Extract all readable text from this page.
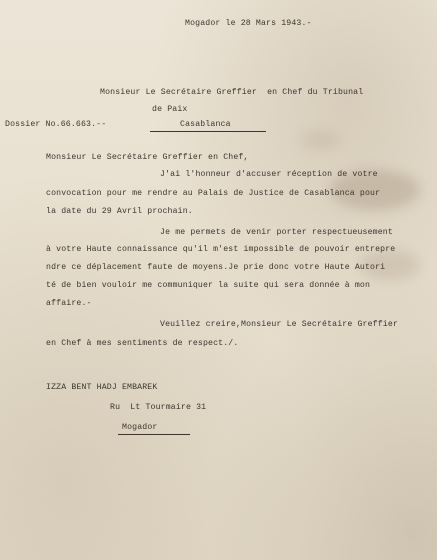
Mogador le 28 Mars 1943.-
Monsieur Le Secrétaire Greffier  en Chef du Tribunal
de Paix
Dossier No.66.663.--	Casablanca
Monsieur Le Secrétaire Greffier en Chef,
J'ai l'honneur d'accuser réception de votre
convocation pour me rendre au Palais de Justice de Casablanca pour
la date du 29 Avril prochain.
Je me permets de venir porter respectueusement
à votre Haute connaissance qu'il m'est impossible de pouvoir entrepre
ndre ce déplacement faute de moyens.Je prie donc votre Haute Autori
té de bien vouloir me communiquer la suite qui sera donnée à mon
affaire.-
Veuillez creire,Monsieur Le Secrétaire Greffier
en Chef à mes sentiments de respect./.
IZZA BENT HADJ EMBAREK
Ru  Lt Tourmaire 31
Mogador
